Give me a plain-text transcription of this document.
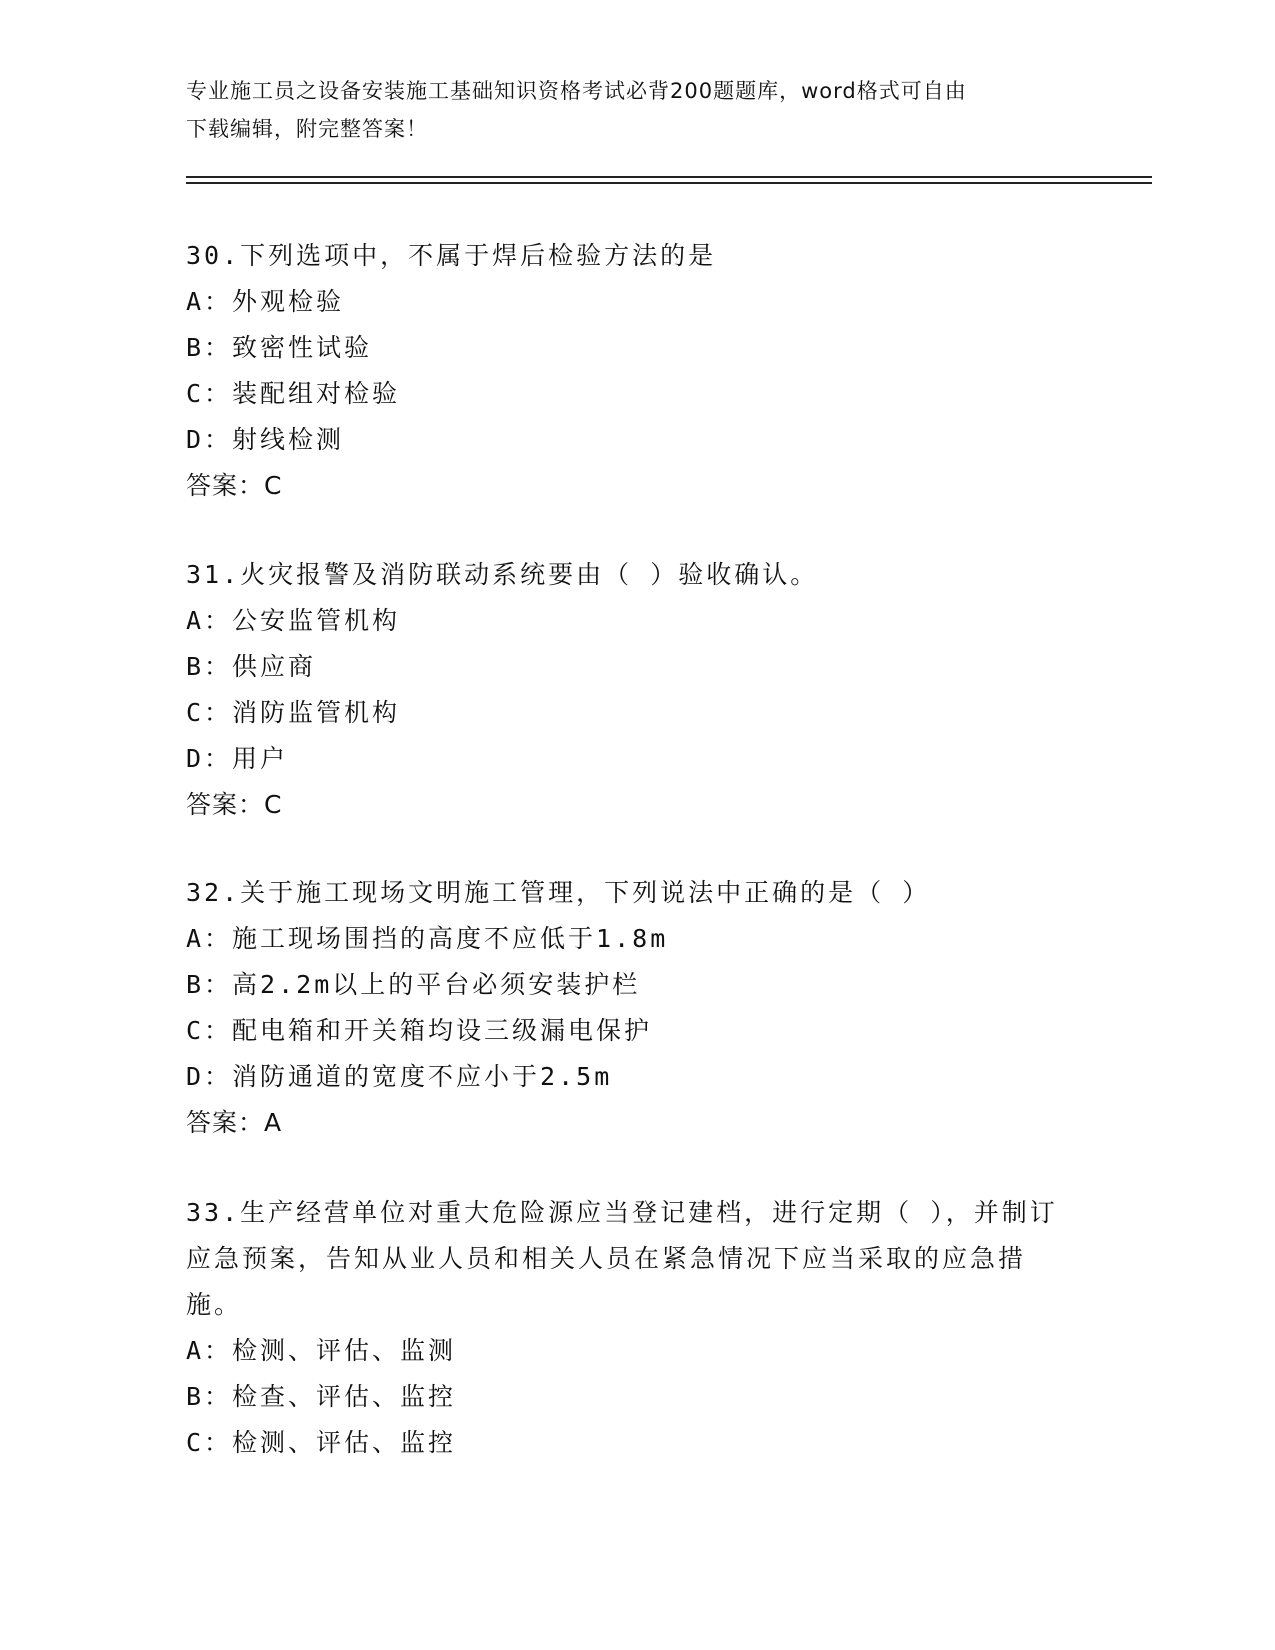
专业施工员之设备安装施工基础知识资格考试必背200题题库，word格式可自由
下载编辑，附完整答案！

30.下列选项中，不属于焊后检验方法的是

A：外观检验

B：致密性试验

C：装配组对检验

D：射线检测

答案：C

31.火灾报警及消防联动系统要由（ ）验收确认。

A：公安监管机构

B：供应商

C：消防监管机构

D：用户

答案：C

32.关于施工现场文明施工管理，下列说法中正确的是（ ）

A：施工现场围挡的高度不应低于1.8m

B：高2.2m以上的平台必须安装护栏

C：配电箱和开关箱均设三级漏电保护

D：消防通道的宽度不应小于2.5m

答案：A

33.生产经营单位对重大危险源应当登记建档，进行定期（ ），并制订应急预案，告知从业人员和相关人员在紧急情况下应当采取的应急措施。

A：检测、评估、监测

B：检查、评估、监控

C：检测、评估、监控
